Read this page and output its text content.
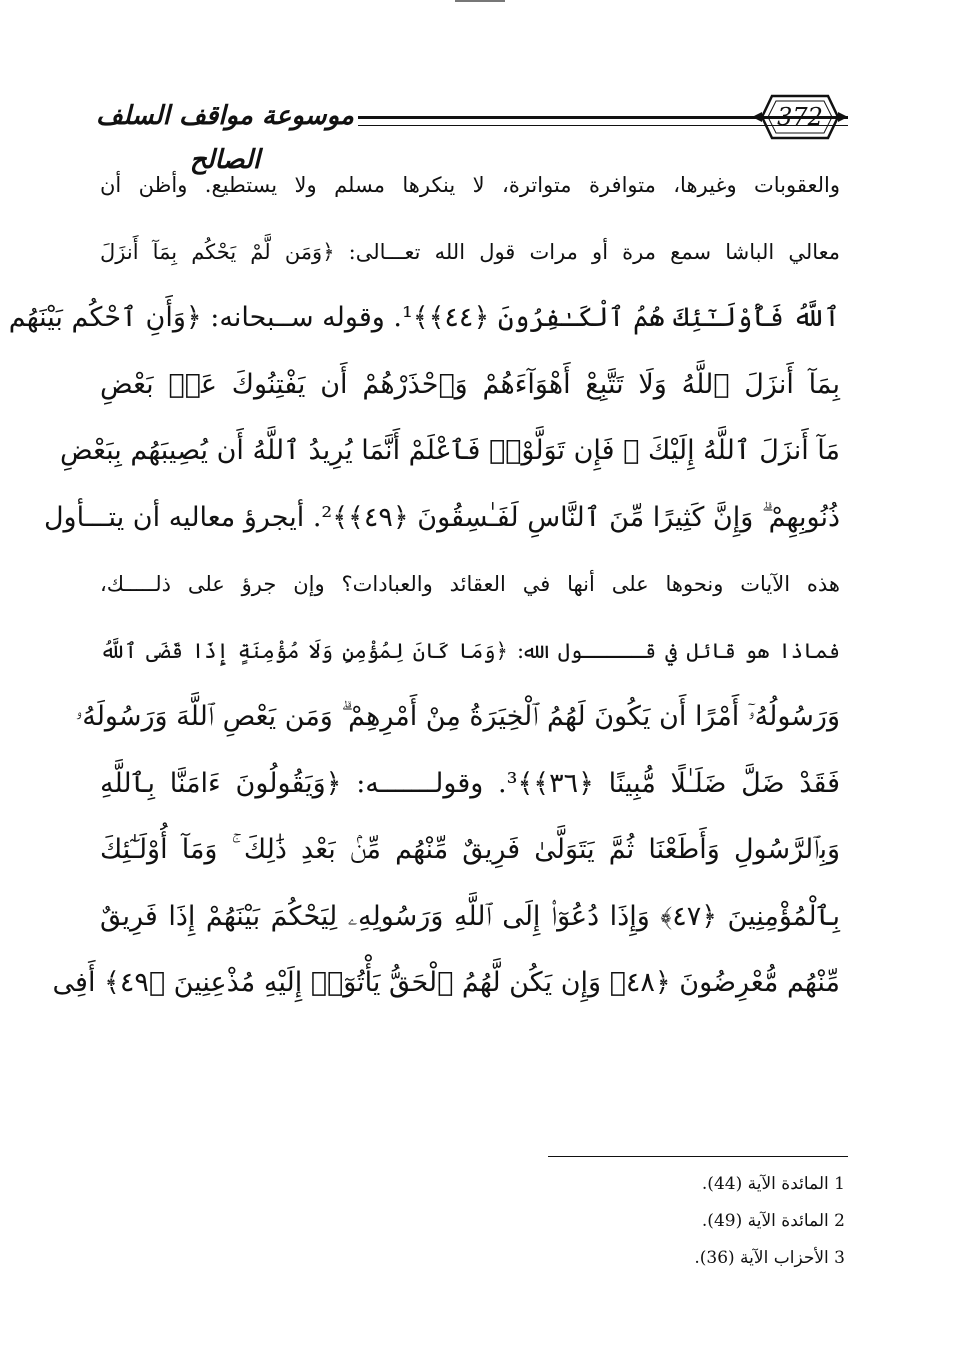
موسوعة مواقف السلف الصالح
372
والعقوبات وغيرها، متوافرة متواترة، لا ينكرها مسلم ولا يستطيع. وأظن أن
معالي الباشا سمع مرة أو مرات قول الله تعـــالى: ﴿وَمَن لَّمْ يَحْكُم بِمَآ أَنزَلَ
ٱللَّهُ فَأُوْلَـٰٓئِكَ هُمُ ٱلْكَـٰفِرُونَ ﴿٤٤﴾﴾¹. وقوله ســبحانه: ﴿وَأَنِ ٱحْكُم بَيْنَهُم
بِمَآ أَنزَلَ ٱللَّهُ وَلَا تَتَّبِعْ أَهْوَآءَهُمْ وَٱحْذَرْهُمْ أَن يَفْتِنُوكَ عَنۢ بَعْضِ
مَآ أَنزَلَ ٱللَّهُ إِلَيْكَ ۖ فَإِن تَوَلَّوْا۟ فَٱعْلَمْ أَنَّمَا يُرِيدُ ٱللَّهُ أَن يُصِيبَهُم بِبَعْضِ
ذُنُوبِهِمْ ۗ وَإِنَّ كَثِيرًا مِّنَ ٱلنَّاسِ لَفَـٰسِقُونَ ﴿٤٩﴾﴾². أيجرؤ معاليه أن يتـــأول
هذه الآيات ونحوها على أنها في العقائد والعبادات؟ وإن جرؤ على ذلـــــك،
فماذا هو قائل في قـــــول الله: ﴿وَمَا كَانَ لِمُؤْمِنٍ وَلَا مُؤْمِنَةٍ إِذَا قَضَى ٱللَّهُ
وَرَسُولُهُۥٓ أَمْرًا أَن يَكُونَ لَهُمُ ٱلْخِيَرَةُ مِنْ أَمْرِهِمْ ۗ وَمَن يَعْصِ ٱللَّهَ وَرَسُولَهُۥ
فَقَدْ ضَلَّ ضَلَـٰلًا مُّبِينًا ﴿٣٦﴾﴾³. وقولـــــــه: ﴿وَيَقُولُونَ ءَامَنَّا بِٱللَّهِ
وَبِٱلرَّسُولِ وَأَطَعْنَا ثُمَّ يَتَوَلَّىٰ فَرِيقٌ مِّنْهُم مِّنۢ بَعْدِ ذَٰلِكَ ۚ وَمَآ أُوْلَـٰٓئِكَ
بِٱلْمُؤْمِنِينَ ﴿٤٧﴾ وَإِذَا دُعُوٓا۟ إِلَى ٱللَّهِ وَرَسُولِهِۦ لِيَحْكُمَ بَيْنَهُمْ إِذَا فَرِيقٌ
مِّنْهُم مُّعْرِضُونَ ﴿٤٨﴾ وَإِن يَكُن لَّهُمُ ٱلْحَقُّ يَأْتُوٓا۟ إِلَيْهِ مُذْعِنِينَ ﴿٤٩﴾ أَفِى
1 المائدة الآية (44).
2 المائدة الآية (49).
3 الأحزاب الآية (36).
